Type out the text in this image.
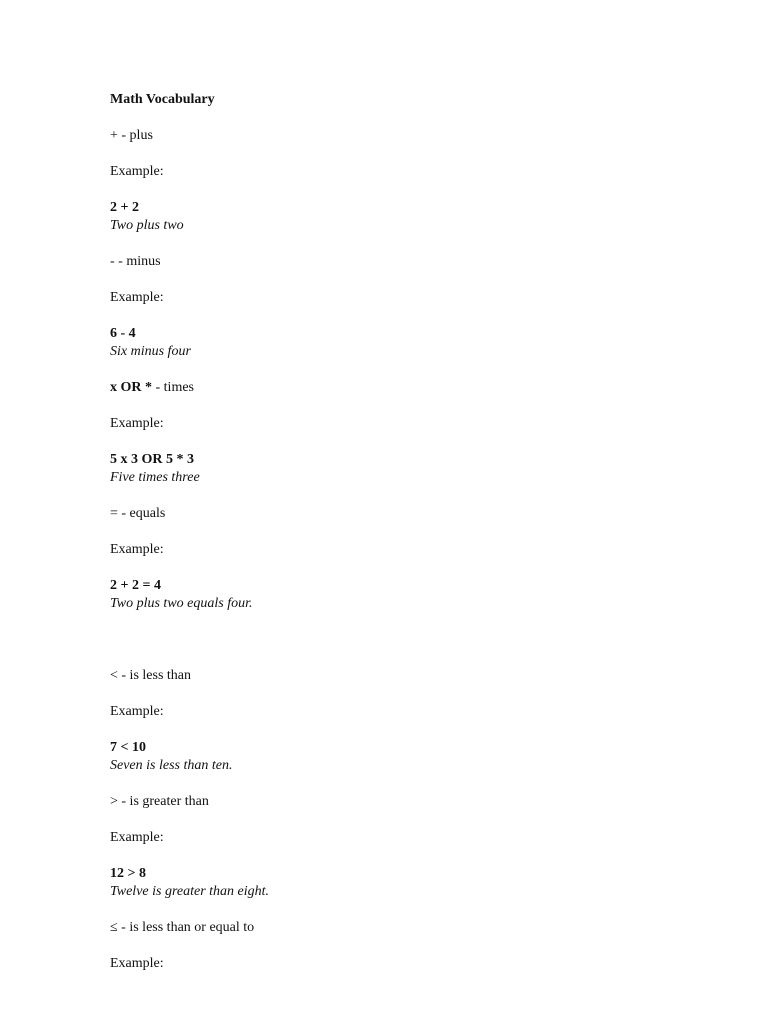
Math Vocabulary
+ - plus
Example:
2 + 2
Two plus two
- - minus
Example:
6 - 4
Six minus four
x OR * - times
Example:
5 x 3 OR 5 * 3
Five times three
= - equals
Example:
2 + 2 = 4
Two plus two equals four.
< - is less than
Example:
7 < 10
Seven is less than ten.
> - is greater than
Example:
12 > 8
Twelve is greater than eight.
≤ - is less than or equal to
Example:
